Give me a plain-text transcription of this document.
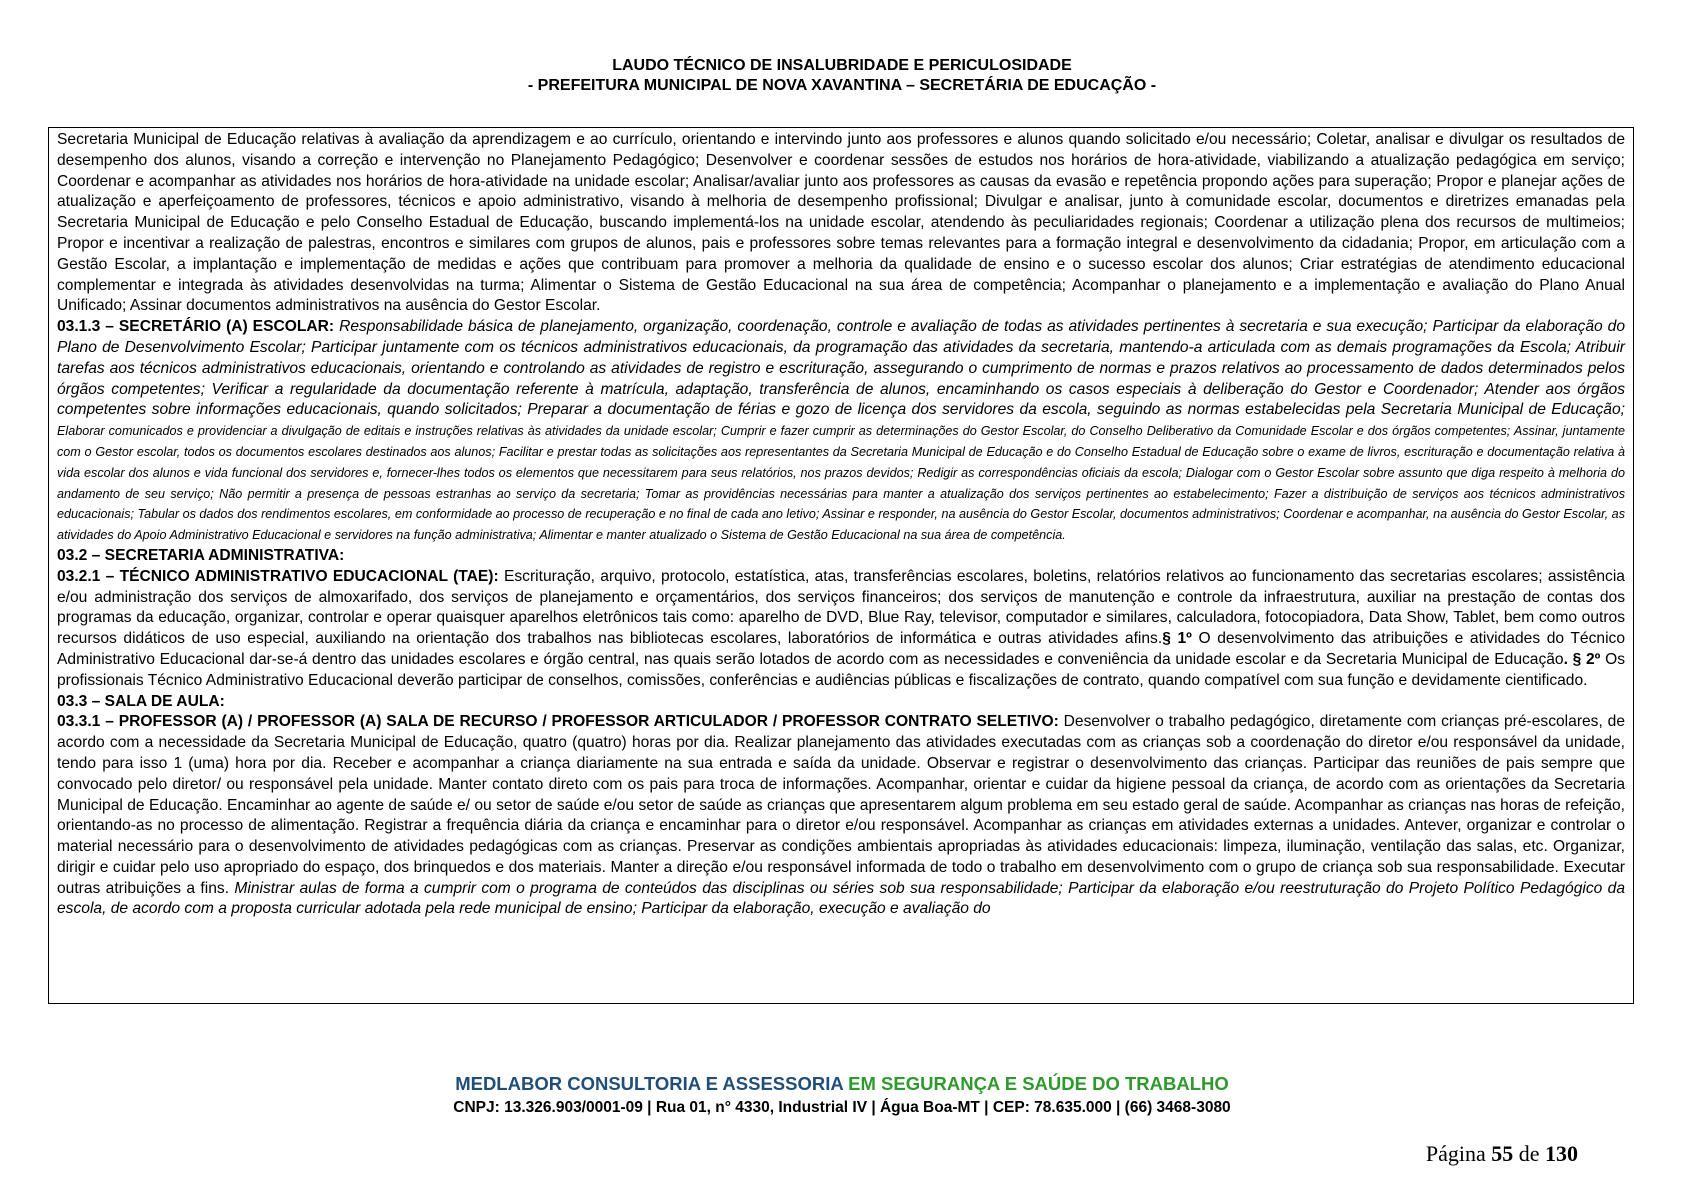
LAUDO TÉCNICO DE INSALUBRIDADE E PERICULOSIDADE
- PREFEITURA MUNICIPAL DE NOVA XAVANTINA – SECRETÁRIA DE EDUCAÇÃO -

Secretaria Municipal de Educação relativas à avaliação da aprendizagem e ao currículo, orientando e intervindo junto aos professores e alunos quando solicitado e/ou necessário; Coletar, analisar e divulgar os resultados de desempenho dos alunos, visando a correção e intervenção no Planejamento Pedagógico; Desenvolver e coordenar sessões de estudos nos horários de hora-atividade, viabilizando a atualização pedagógica em serviço; Coordenar e acompanhar as atividades nos horários de hora-atividade na unidade escolar; Analisar/avaliar junto aos professores as causas da evasão e repetência propondo ações para superação; Propor e planejar ações de atualização e aperfeiçoamento de professores, técnicos e apoio administrativo, visando à melhoria de desempenho profissional; Divulgar e analisar, junto à comunidade escolar, documentos e diretrizes emanadas pela Secretaria Municipal de Educação e pelo Conselho Estadual de Educação, buscando implementá-los na unidade escolar, atendendo às peculiaridades regionais; Coordenar a utilização plena dos recursos de multimeios; Propor e incentivar a realização de palestras, encontros e similares com grupos de alunos, pais e professores sobre temas relevantes para a formação integral e desenvolvimento da cidadania; Propor, em articulação com a Gestão Escolar, a implantação e implementação de medidas e ações que contribuam para promover a melhoria da qualidade de ensino e o sucesso escolar dos alunos; Criar estratégias de atendimento educacional complementar e integrada às atividades desenvolvidas na turma; Alimentar o Sistema de Gestão Educacional na sua área de competência; Acompanhar o planejamento e a implementação e avaliação do Plano Anual Unificado; Assinar documentos administrativos na ausência do Gestor Escolar.

03.1.3 – SECRETÁRIO (A) ESCOLAR: Responsabilidade básica de planejamento, organização, coordenação, controle e avaliação de todas as atividades pertinentes à secretaria e sua execução; Participar da elaboração do Plano de Desenvolvimento Escolar; Participar juntamente com os técnicos administrativos educacionais, da programação das atividades da secretaria, mantendo-a articulada com as demais programações da Escola; Atribuir tarefas aos técnicos administrativos educacionais, orientando e controlando as atividades de registro e escrituração, assegurando o cumprimento de normas e prazos relativos ao processamento de dados determinados pelos órgãos competentes; Verificar a regularidade da documentação referente à matrícula, adaptação, transferência de alunos, encaminhando os casos especiais à deliberação do Gestor e Coordenador; Atender aos órgãos competentes sobre informações educacionais, quando solicitados; Preparar a documentação de férias e gozo de licença dos servidores da escola, seguindo as normas estabelecidas pela Secretaria Municipal de Educação; Elaborar comunicados e providenciar a divulgação de editais e instruções relativas às atividades da unidade escolar; Cumprir e fazer cumprir as determinações do Gestor Escolar, do Conselho Deliberativo da Comunidade Escolar e dos órgãos competentes; Assinar, juntamente com o Gestor escolar, todos os documentos escolares destinados aos alunos; Facilitar e prestar todas as solicitações aos representantes da Secretaria Municipal de Educação e do Conselho Estadual de Educação sobre o exame de livros, escrituração e documentação relativa à vida escolar dos alunos e vida funcional dos servidores e, fornecer-lhes todos os elementos que necessitarem para seus relatórios, nos prazos devidos; Redigir as correspondências oficiais da escola; Dialogar com o Gestor Escolar sobre assunto que diga respeito à melhoria do andamento de seu serviço; Não permitir a presença de pessoas estranhas ao serviço da secretaria; Tomar as providências necessárias para manter a atualização dos serviços pertinentes ao estabelecimento; Fazer a distribuição de serviços aos técnicos administrativos educacionais; Tabular os dados dos rendimentos escolares, em conformidade ao processo de recuperação e no final de cada ano letivo; Assinar e responder, na ausência do Gestor Escolar, documentos administrativos; Coordenar e acompanhar, na ausência do Gestor Escolar, as atividades do Apoio Administrativo Educacional e servidores na função administrativa; Alimentar e manter atualizado o Sistema de Gestão Educacional na sua área de competência.

03.2 – SECRETARIA ADMINISTRATIVA:

03.2.1 – TÉCNICO ADMINISTRATIVO EDUCACIONAL (TAE): Escrituração, arquivo, protocolo, estatística, atas, transferências escolares, boletins, relatórios relativos ao funcionamento das secretarias escolares; assistência e/ou administração dos serviços de almoxarifado, dos serviços de planejamento e orçamentários, dos serviços financeiros; dos serviços de manutenção e controle da infraestrutura, auxiliar na prestação de contas dos programas da educação, organizar, controlar e operar quaisquer aparelhos eletrônicos tais como: aparelho de DVD, Blue Ray, televisor, computador e similares, calculadora, fotocopiadora, Data Show, Tablet, bem como outros recursos didáticos de uso especial, auxiliando na orientação dos trabalhos nas bibliotecas escolares, laboratórios de informática e outras atividades afins.§ 1º O desenvolvimento das atribuições e atividades do Técnico Administrativo Educacional dar-se-á dentro das unidades escolares e órgão central, nas quais serão lotados de acordo com as necessidades e conveniência da unidade escolar e da Secretaria Municipal de Educação. § 2º Os profissionais Técnico Administrativo Educacional deverão participar de conselhos, comissões, conferências e audiências públicas e fiscalizações de contrato, quando compatível com sua função e devidamente cientificado.

03.3 – SALA DE AULA:

03.3.1 – PROFESSOR (A) / PROFESSOR (A) SALA DE RECURSO / PROFESSOR ARTICULADOR / PROFESSOR CONTRATO SELETIVO: Desenvolver o trabalho pedagógico, diretamente com crianças pré-escolares, de acordo com a necessidade da Secretaria Municipal de Educação, quatro (quatro) horas por dia. Realizar planejamento das atividades executadas com as crianças sob a coordenação do diretor e/ou responsável da unidade, tendo para isso 1 (uma) hora por dia. Receber e acompanhar a criança diariamente na sua entrada e saída da unidade. Observar e registrar o desenvolvimento das crianças. Participar das reuniões de pais sempre que convocado pelo diretor/ ou responsável pela unidade. Manter contato direto com os pais para troca de informações. Acompanhar, orientar e cuidar da higiene pessoal da criança, de acordo com as orientações da Secretaria Municipal de Educação. Encaminhar ao agente de saúde e/ ou setor de saúde e/ou setor de saúde as crianças que apresentarem algum problema em seu estado geral de saúde. Acompanhar as crianças nas horas de refeição, orientando-as no processo de alimentação. Registrar a frequência diária da criança e encaminhar para o diretor e/ou responsável. Acompanhar as crianças em atividades externas a unidades. Antever, organizar e controlar o material necessário para o desenvolvimento de atividades pedagógicas com as crianças. Preservar as condições ambientais apropriadas às atividades educacionais: limpeza, iluminação, ventilação das salas, etc. Organizar, dirigir e cuidar pelo uso apropriado do espaço, dos brinquedos e dos materiais. Manter a direção e/ou responsável informada de todo o trabalho em desenvolvimento com o grupo de criança sob sua responsabilidade. Executar outras atribuições a fins. Ministrar aulas de forma a cumprir com o programa de conteúdos das disciplinas ou séries sob sua responsabilidade; Participar da elaboração e/ou reestruturação do Projeto Político Pedagógico da escola, de acordo com a proposta curricular adotada pela rede municipal de ensino; Participar da elaboração, execução e avaliação do

MEDLABOR CONSULTORIA E ASSESSORIA EM SEGURANÇA E SAÚDE DO TRABALHO
CNPJ: 13.326.903/0001-09 | Rua 01, n° 4330, Industrial IV | Água Boa-MT | CEP: 78.635.000 | (66) 3468-3080
Página 55 de 130
